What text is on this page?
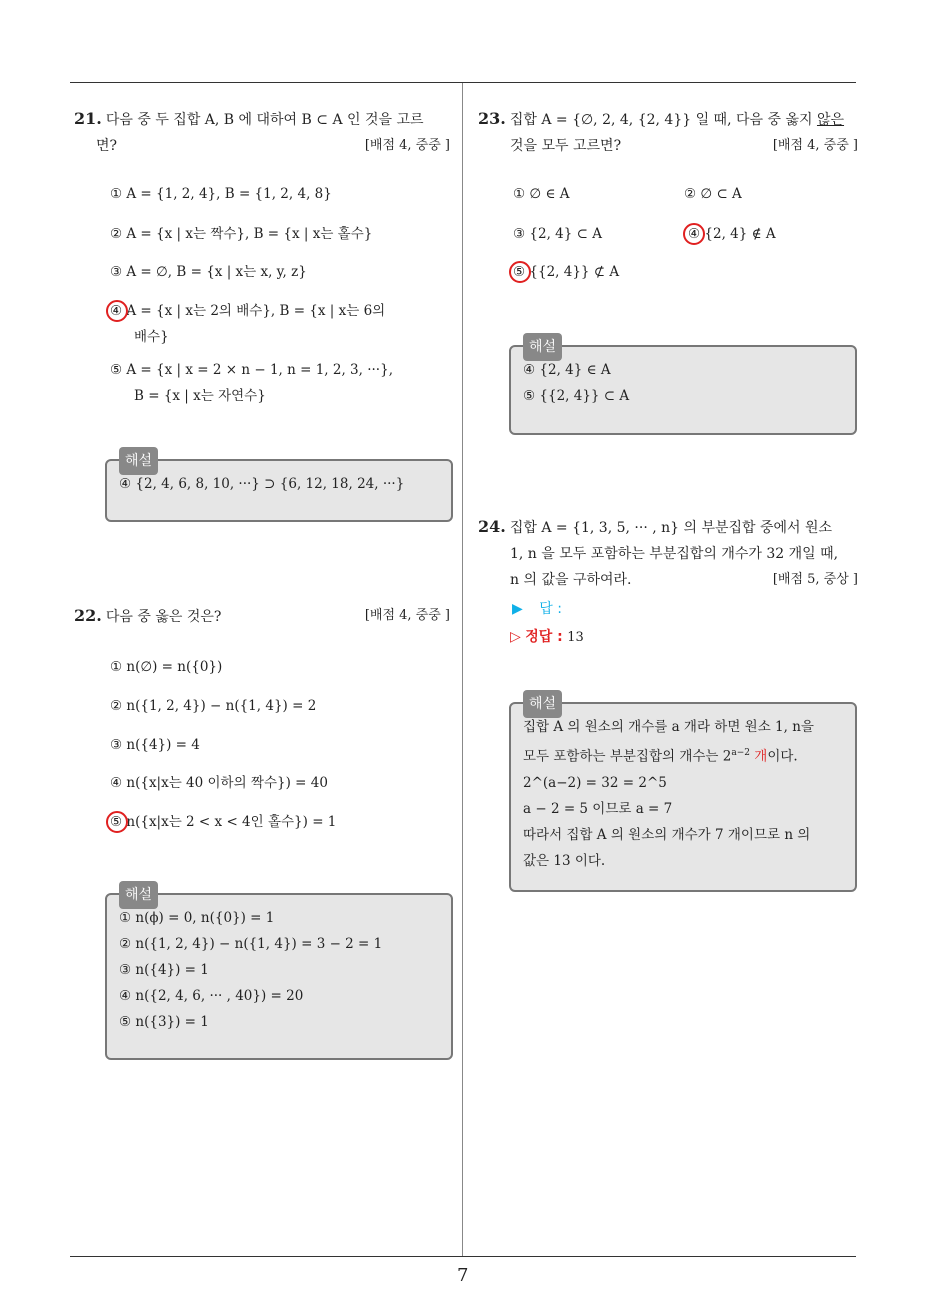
21. 다음 중 두 집합 A, B 에 대하여 B ⊂ A 인 것을 고르
면?	[배점 4, 중중 ]
① A = {1, 2, 4}, B = {1, 2, 4, 8}
② A = {x | x는 짝수}, B = {x | x는 홀수}
③ A = ∅, B = {x | x는 x, y, z}
④ A = {x | x는 2의 배수}, B = {x | x는 6의
배수}
⑤ A = {x | x = 2 × n − 1, n = 1, 2, 3, ···},
B = {x | x는 자연수}
해설
④ {2, 4, 6, 8, 10, ···} ⊃ {6, 12, 18, 24, ···}
22. 다음 중 옳은 것은?	[배점 4, 중중 ]
① n(∅) = n({0})
② n({1, 2, 4}) − n({1, 4}) = 2
③ n({4}) = 4
④ n({x|x는 40 이하의 짝수}) = 40
⑤ n({x|x는 2 < x < 4인 홀수}) = 1
해설
① n(ϕ) = 0, n({0}) = 1
② n({1, 2, 4}) − n({1, 4}) = 3 − 2 = 1
③ n({4}) = 1
④ n({2, 4, 6, ··· , 40}) = 20
⑤ n({3}) = 1
23. 집합 A = {∅, 2, 4, {2, 4}} 일 때, 다음 중 옳지 않은
것을 모두 고르면?	[배점 4, 중중 ]
① ∅ ∈ A	② ∅ ⊂ A
③ {2, 4} ⊂ A	④ {2, 4} ∉ A
⑤ {{2, 4}} ⊄ A
해설
④ {2, 4} ∈ A
⑤ {{2, 4}} ⊂ A
24. 집합 A = {1, 3, 5, ··· , n} 의 부분집합 중에서 원소
1, n 을 모두 포함하는 부분집합의 개수가 32 개일 때,
n 의 값을 구하여라.	[배점 5, 중상 ]
▶ 답 :
▷ 정답 : 13
해설
집합 A 의 원소의 개수를 a 개라 하면 원소 1, n을
모두 포함하는 부분집합의 개수는 $2^{a-2}$ 개이다.
2^(a−2) = 32 = 2^5
a − 2 = 5 이므로 a = 7
따라서 집합 A 의 원소의 개수가 7 개이므로 n 의
값은 13 이다.
7
